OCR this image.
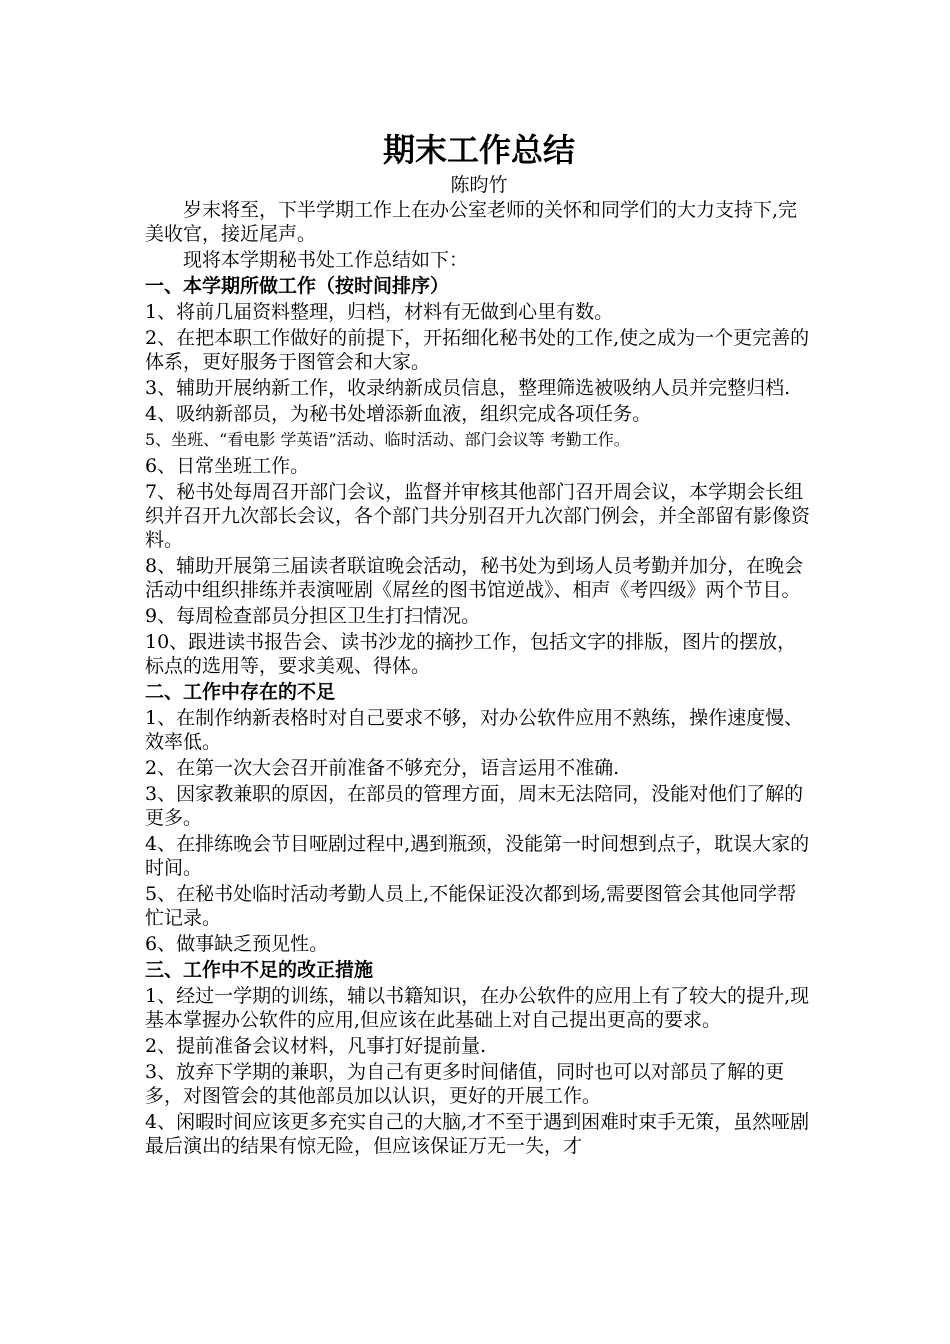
期末工作总结

陈昀竹

岁末将至，下半学期工作上在办公室老师的关怀和同学们的大力支持下,完美收官，接近尾声。

现将本学期秘书处工作总结如下：

一、本学期所做工作（按时间排序）

1、将前几届资料整理，归档，材料有无做到心里有数。

2、在把本职工作做好的前提下，开拓细化秘书处的工作,使之成为一个更完善的体系，更好服务于图管会和大家。

3、辅助开展纳新工作，收录纳新成员信息，整理筛选被吸纳人员并完整归档.

4、吸纳新部员，为秘书处增添新血液，组织完成各项任务。

5、坐班、“看电影 学英语”活动、临时活动、部门会议等 考勤工作。

6、日常坐班工作。

7、秘书处每周召开部门会议，监督并审核其他部门召开周会议，本学期会长组织并召开九次部长会议，各个部门共分别召开九次部门例会，并全部留有影像资料。

8、辅助开展第三届读者联谊晚会活动，秘书处为到场人员考勤并加分，在晚会活动中组织排练并表演哑剧《屌丝的图书馆逆战》、相声《考四级》两个节目。

9、每周检查部员分担区卫生打扫情况。

10、跟进读书报告会、读书沙龙的摘抄工作，包括文字的排版，图片的摆放，标点的选用等，要求美观、得体。

二、工作中存在的不足

1、在制作纳新表格时对自己要求不够，对办公软件应用不熟练，操作速度慢、效率低。

2、在第一次大会召开前准备不够充分，语言运用不准确.

3、因家教兼职的原因，在部员的管理方面，周末无法陪同，没能对他们了解的更多。

4、在排练晚会节目哑剧过程中,遇到瓶颈，没能第一时间想到点子，耽误大家的时间。

5、在秘书处临时活动考勤人员上,不能保证没次都到场,需要图管会其他同学帮忙记录。

6、做事缺乏预见性。

三、工作中不足的改正措施

1、经过一学期的训练，辅以书籍知识，在办公软件的应用上有了较大的提升,现基本掌握办公软件的应用,但应该在此基础上对自己提出更高的要求。

2、提前准备会议材料，凡事打好提前量.

3、放弃下学期的兼职，为自己有更多时间储值，同时也可以对部员了解的更多，对图管会的其他部员加以认识，更好的开展工作。

4、闲暇时间应该更多充实自己的大脑,才不至于遇到困难时束手无策，虽然哑剧最后演出的结果有惊无险，但应该保证万无一失，才
